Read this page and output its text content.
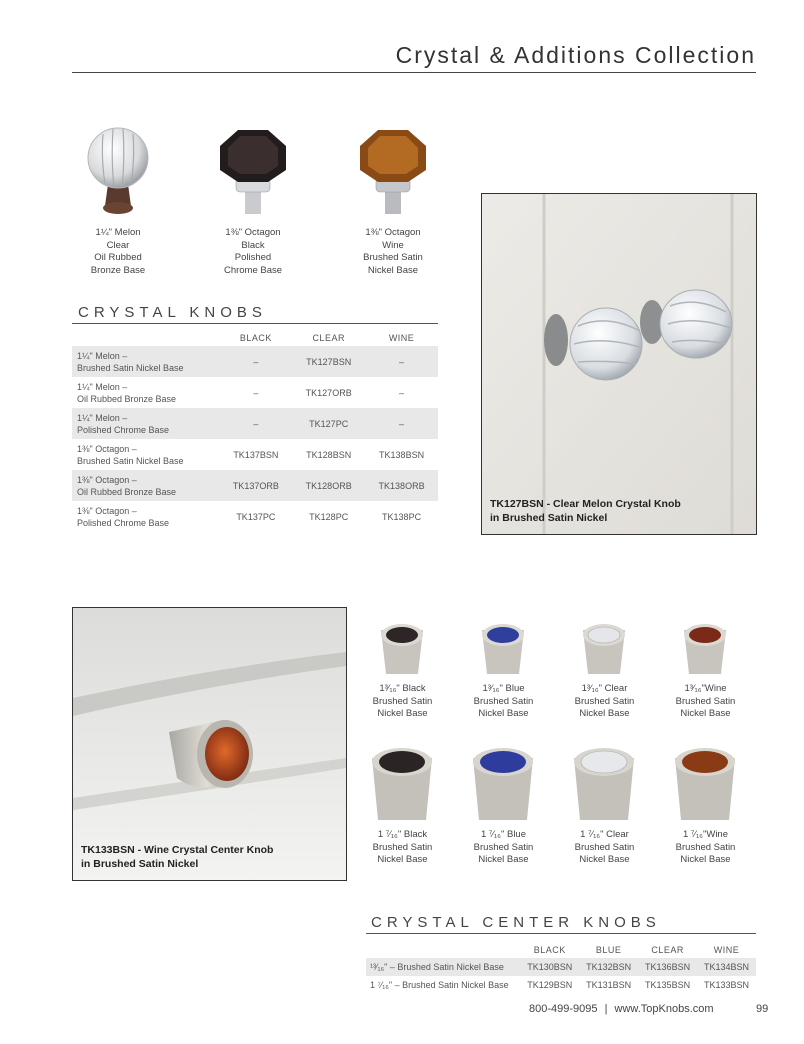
Crystal & Additions Collection
1¼" Melon
Clear
Oil Rubbed
Bronze Base
1⅜" Octagon
Black
Polished
Chrome Base
1⅜" Octagon
Wine
Brushed Satin
Nickel Base
CRYSTAL KNOBS
	BLACK	CLEAR	WINE

1¼" Melon –
Brushed Satin Nickel Base	–	TK127BSN	–

1¼" Melon –
Oil Rubbed Bronze Base	–	TK127ORB	–

1¼" Melon –
Polished Chrome Base	–	TK127PC	–

1⅜" Octagon –
Brushed Satin Nickel Base	TK137BSN	TK128BSN	TK138BSN

1⅜" Octagon –
Oil Rubbed Bronze Base	TK137ORB	TK128ORB	TK138ORB

1⅜" Octagon –
Polished Chrome Base	TK137PC	TK128PC	TK138PC
TK127BSN - Clear Melon Crystal Knob
in Brushed Satin Nickel
TK133BSN - Wine Crystal Center Knob
in Brushed Satin Nickel
1³⁄₁₆" Black
Brushed Satin
Nickel Base
1³⁄₁₆" Blue
Brushed Satin
Nickel Base
1³⁄₁₆" Clear
Brushed Satin
Nickel Base
1³⁄₁₆"Wine
Brushed Satin
Nickel Base
1 ⁷⁄₁₆" Black
Brushed Satin
Nickel Base
1 ⁷⁄₁₆" Blue
Brushed Satin
Nickel Base
1 ⁷⁄₁₆" Clear
Brushed Satin
Nickel Base
1 ⁷⁄₁₆"Wine
Brushed Satin
Nickel Base
CRYSTAL CENTER KNOBS
	BLACK	BLUE	CLEAR	WINE
¹³⁄₁₆" – Brushed Satin Nickel Base	TK130BSN	TK132BSN	TK136BSN	TK134BSN
1 ⁷⁄₁₆" – Brushed Satin Nickel Base	TK129BSN	TK131BSN	TK135BSN	TK133BSN
800-499-9095 | www.TopKnobs.com	99
